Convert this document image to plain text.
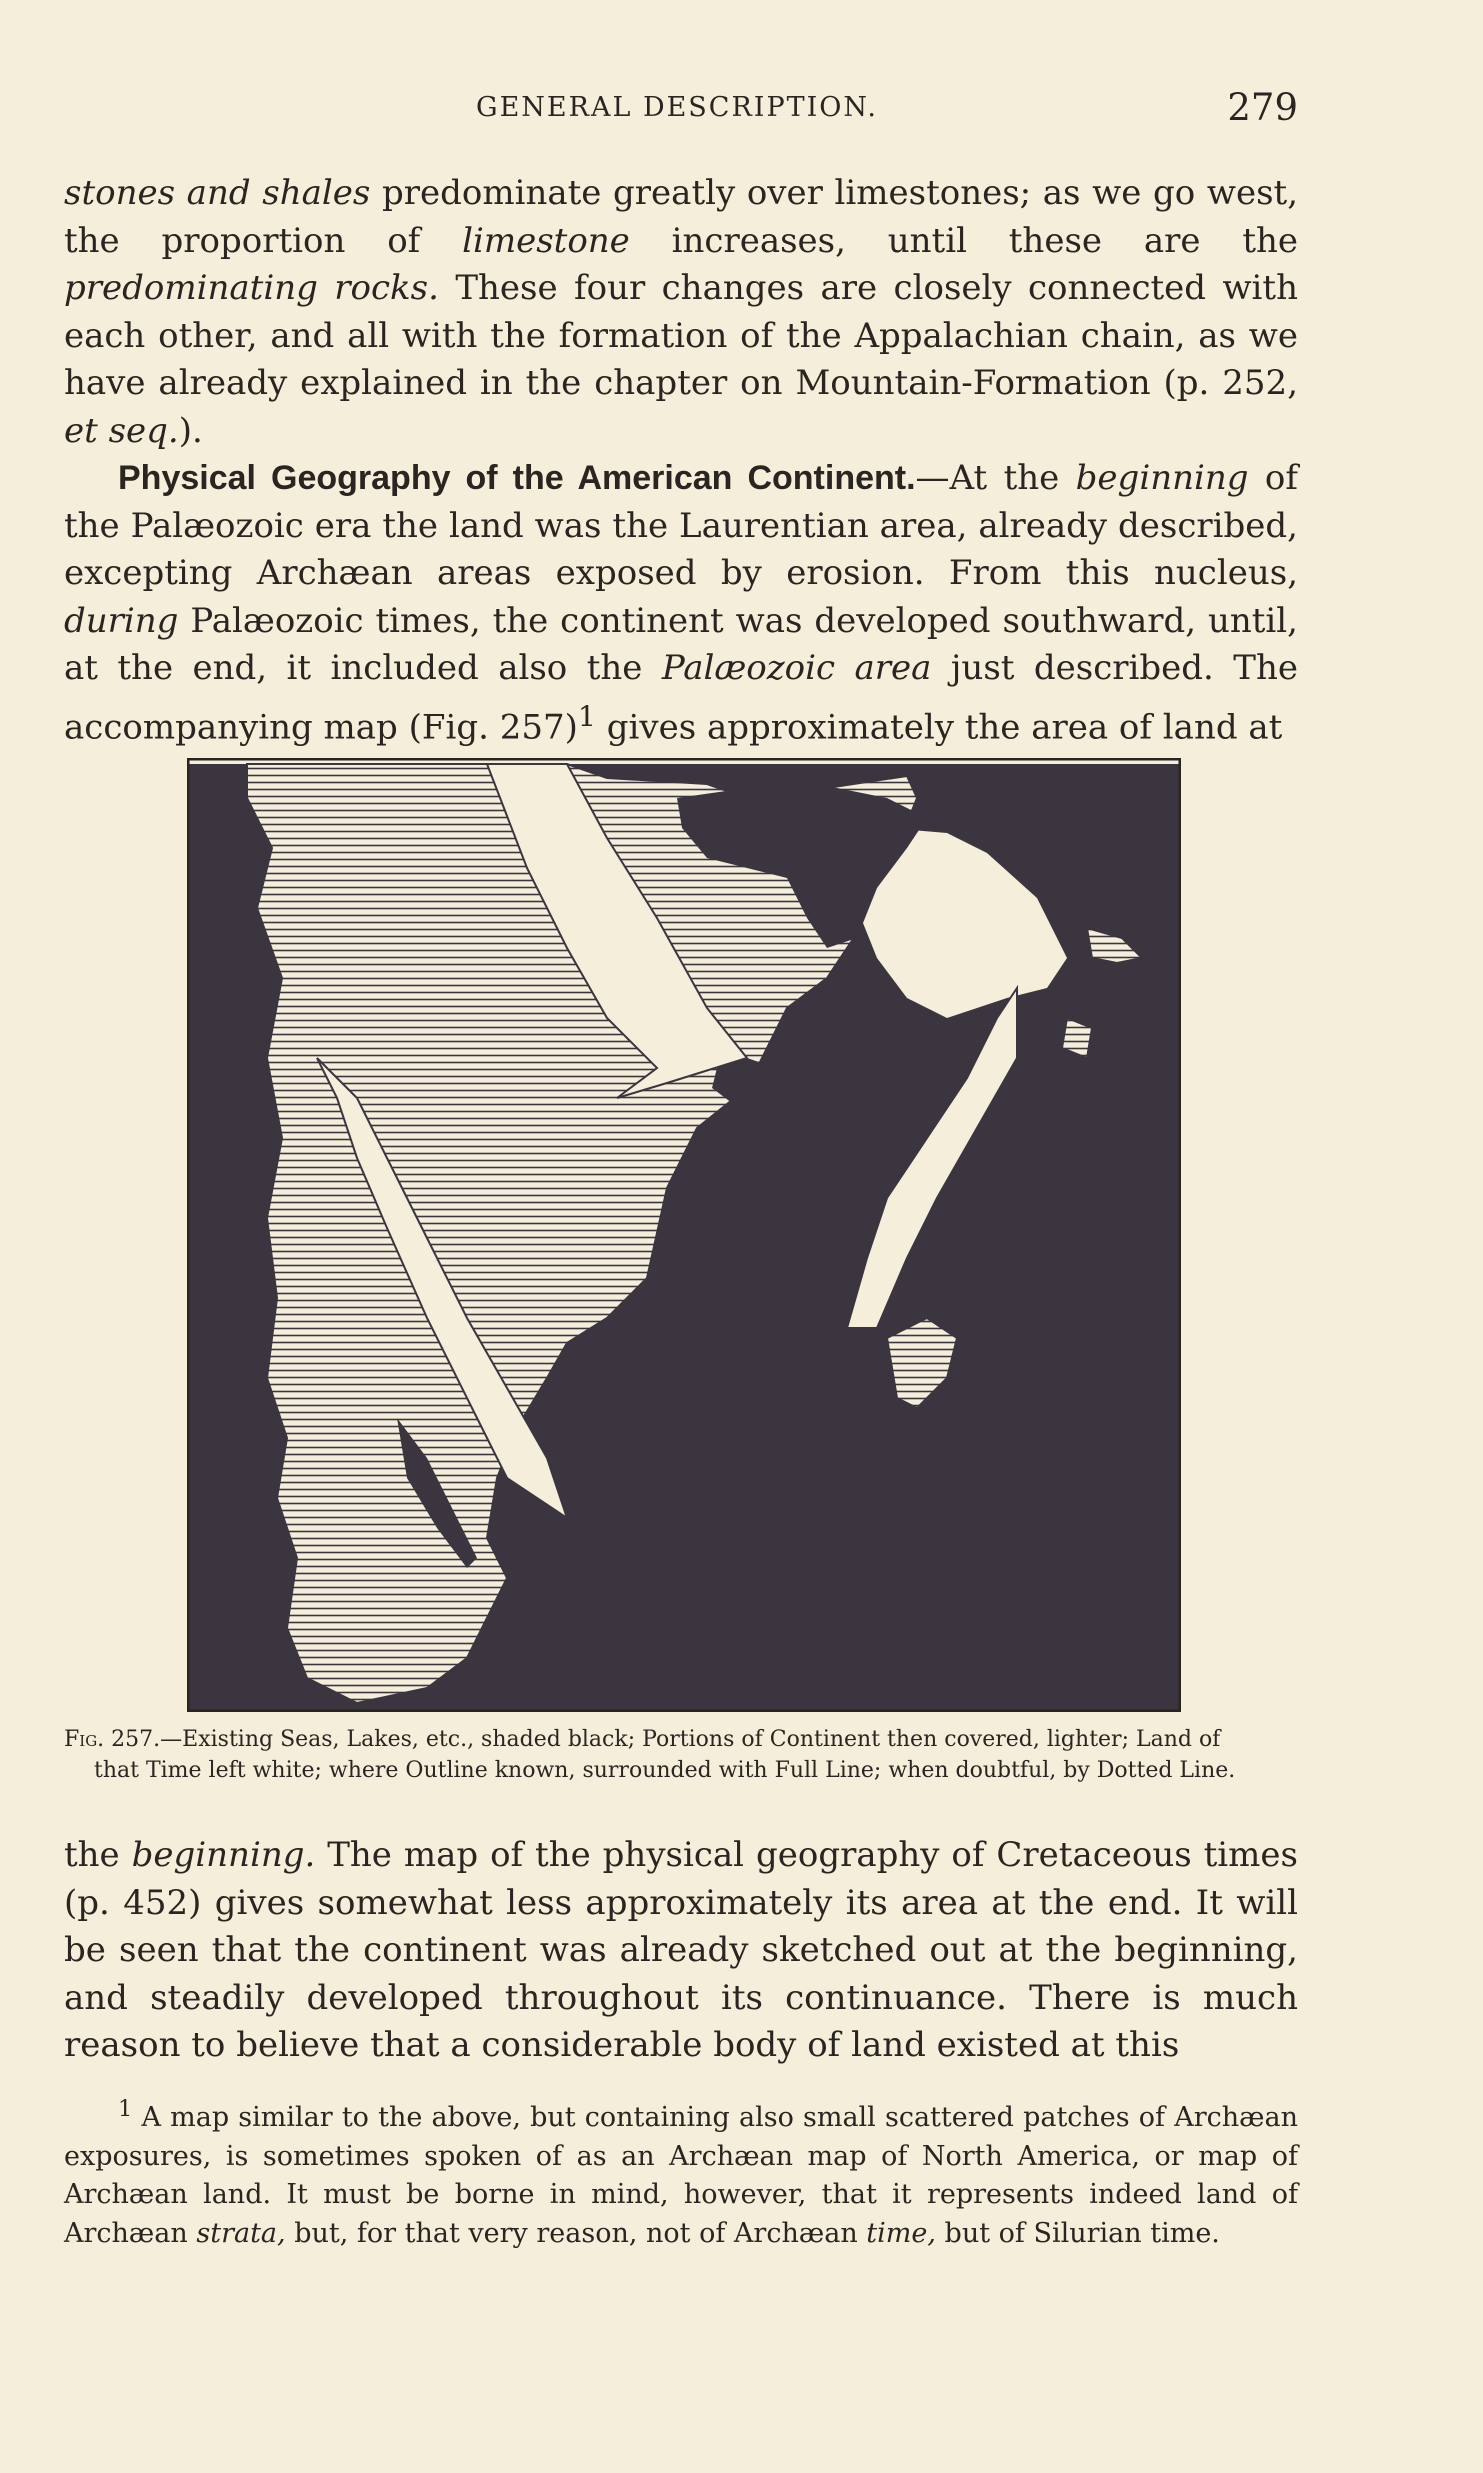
GENERAL DESCRIPTION.	279

stones and shales predominate greatly over limestones; as we go west, the proportion of limestone increases, until these are the predominating rocks. These four changes are closely connected with each other, and all with the formation of the Appalachian chain, as we have already explained in the chapter on Mountain-Formation (p. 252, et seq.).

Physical Geography of the American Continent.—At the beginning of the Palæozoic era the land was the Laurentian area, already described, excepting Archæan areas exposed by erosion. From this nucleus, during Palæozoic times, the continent was developed southward, until, at the end, it included also the Palæozoic area just described. The accompanying map (Fig. 257)$^1$ gives approximately the area of land at

Fig. 257.—Existing Seas, Lakes, etc., shaded black; Portions of Continent then covered, lighter; Land of
that Time left white; where Outline known, surrounded with Full Line; when doubtful, by Dotted Line.

the beginning. The map of the physical geography of Cretaceous times (p. 452) gives somewhat less approximately its area at the end. It will be seen that the continent was already sketched out at the beginning, and steadily developed throughout its continuance. There is much reason to believe that a considerable body of land existed at this

$^1$ A map similar to the above, but containing also small scattered patches of Archæan exposures, is sometimes spoken of as an Archæan map of North America, or map of Archæan land. It must be borne in mind, however, that it represents indeed land of Archæan strata, but, for that very reason, not of Archæan time, but of Silurian time.
